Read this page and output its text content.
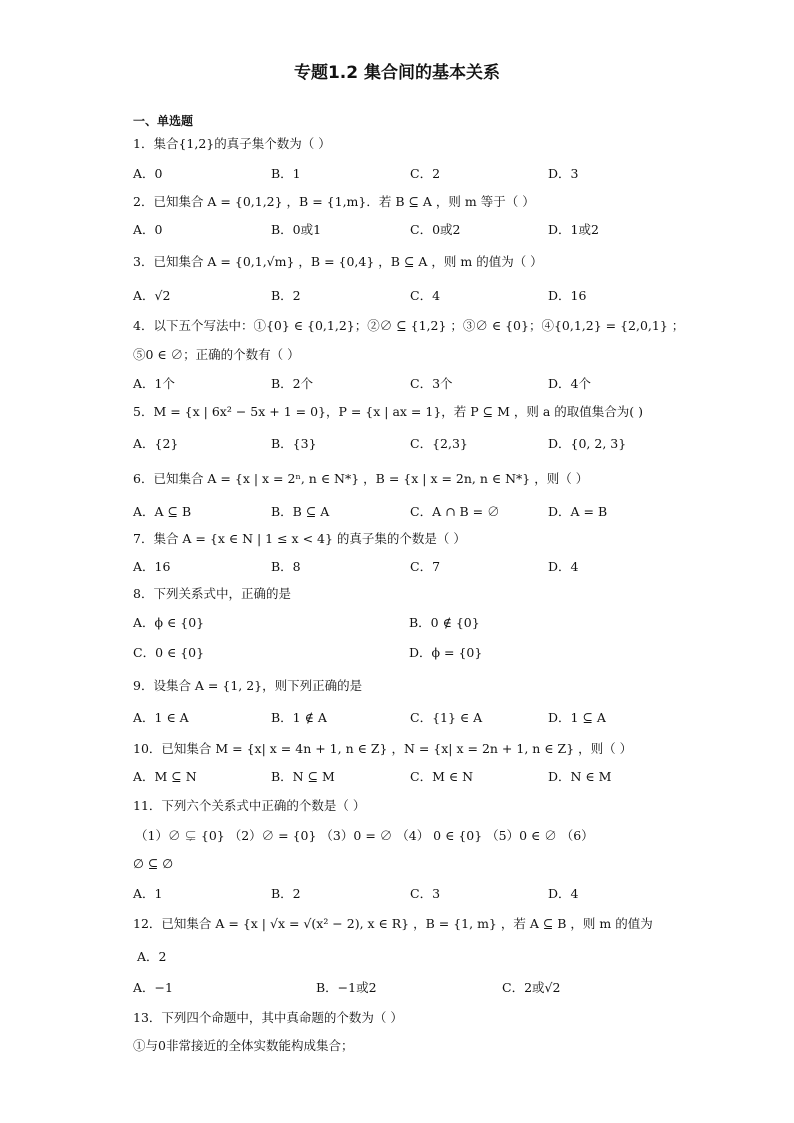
专题1.2 集合间的基本关系
一、单选题
1．集合{1,2}的真子集个数为（ ）
A．0	B．1	C．2	D．3
2．已知集合 A = {0,1,2} ，B = {1,m}．若 B ⊆ A ，则 m 等于（ ）
A．0	B．0或1	C．0或2	D．1或2
3．已知集合 A = {0,1,√m} ，B = {0,4} ，B ⊆ A ，则 m 的值为（ ）
A．√2	B．2	C．4	D．16
4．以下五个写法中：①{0} ∈ {0,1,2}；②∅ ⊆ {1,2} ；③∅ ∈ {0}；④{0,1,2} = {2,0,1} ；
⑤0 ∈ ∅；正确的个数有（ ）
A．1个	B．2个	C．3个	D．4个
5．M = {x | 6x² − 5x + 1 = 0}，P = {x | ax = 1}，若 P ⊆ M ，则 a 的取值集合为( )
A．{2}	B．{3}	C．{2,3}	D．{0, 2, 3}
6．已知集合 A = {x | x = 2ⁿ, n ∈ N*} ，B = {x | x = 2n, n ∈ N*} ，则（ ）
A．A ⊆ B	B．B ⊆ A	C．A ∩ B = ∅	D．A = B
7．集合 A = {x ∈ N | 1 ≤ x < 4} 的真子集的个数是（ ）
A．16	B．8	C．7	D．4
8．下列关系式中，正确的是
A．ϕ ∈ {0}	B．0 ∉ {0}
C．0 ∈ {0}	D．ϕ = {0}
9．设集合 A = {1, 2}，则下列正确的是
A．1 ∈ A	B．1 ∉ A	C．{1} ∈ A	D．1 ⊆ A
10．已知集合 M = {x| x = 4n + 1, n ∈ Z} ，N = {x| x = 2n + 1, n ∈ Z} ，则（ ）
A．M ⊆ N	B．N ⊆ M	C．M ∈ N	D．N ∈ M
11．下列六个关系式中正确的个数是（ ）
（1）∅ ⊊ {0} （2）∅ = {0} （3）0 = ∅ （4） 0 ∈ {0} （5）0 ∈ ∅ （6）
∅ ⊆ ∅
A．1	B．2	C．3	D．4
12．已知集合 A = {x | √x = √(x² − 2), x ∈ R} ，B = {1, m} ，若 A ⊆ B ，则 m 的值为
A．2
A．−1	B．−1或2	C．2或√2
13．下列四个命题中，其中真命题的个数为（ ）
①与0非常接近的全体实数能构成集合；
